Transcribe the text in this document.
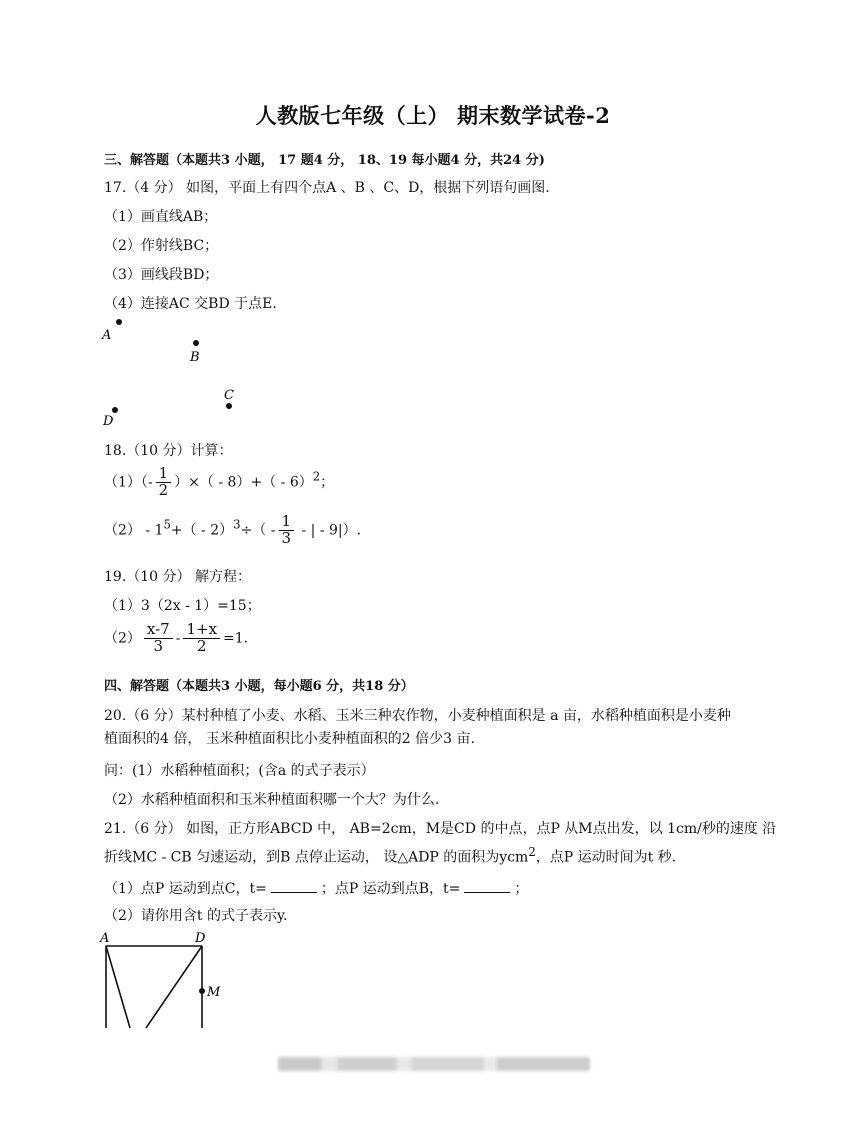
人教版七年级（上） 期末数学试卷-2
三、解答题（本题共3 小题， 17 题4 分， 18、19 每小题4 分，共24 分)
17.（4 分） 如图，平面上有四个点A 、B 、C、D，根据下列语句画图.
（1）画直线AB；
（2）作射线BC；
（3）画线段BD；
（4）连接AC 交BD 于点E.
A
B
C
D
18.（10 分）计算：
$(1)(- \frac{1}{2}$ ）×（ - 8）+（ - 6）$^2$；
$(2) - 1^5+( - 2)^3\div( - \frac{1}{3}$ - | - 9|）.
19.（10 分） 解方程：
（1）3（2x - 1）=15；
$(2) \frac{x-7}{3} - \frac{1+x}{2} =1$.
四、解答题（本题共3 小题，每小题6 分，共18 分）
20.（6 分）某村种植了小麦、水稻、玉米三种农作物，小麦种植面积是 a 亩，水稻种植面积是小麦种
植面积的4 倍， 玉米种植面积比小麦种植面积的2 倍少3 亩.
问：(1）水稻种植面积；(含a 的式子表示）
（2）水稻种植面积和玉米种植面积哪一个大？为什么.
21.（6 分） 如图，正方形ABCD 中， AB=2cm，M是CD 的中点，点P 从M点出发，以 1cm/秒的速度 沿
折线MC - CB 匀速运动，到B 点停止运动， 设△ADP 的面积为ycm$^2$，点P 运动时间为t 秒.
（1）点P 运动到点C，t=	；点P 运动到点B，t=	；
（2）请你用含t 的式子表示y.
A	D
M
